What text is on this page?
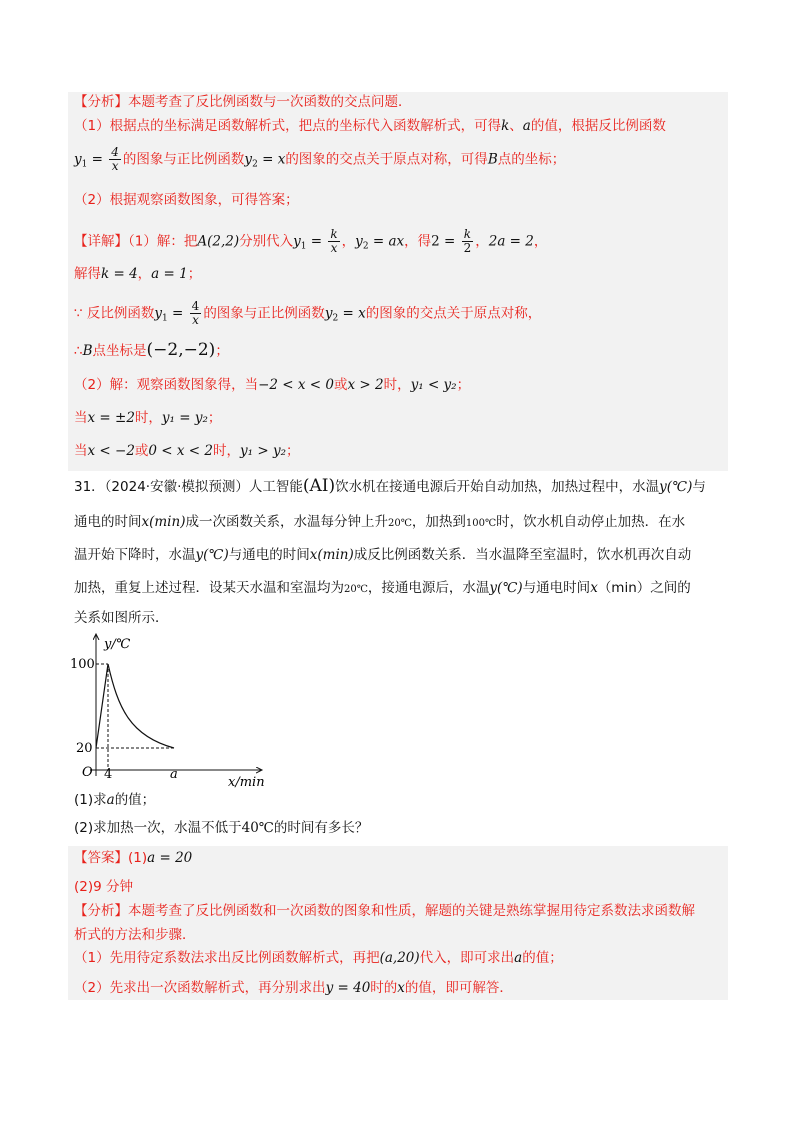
【分析】本题考查了反比例函数与一次函数的交点问题．
（1）根据点的坐标满足函数解析式，把点的坐标代入函数解析式，可得k、a的值，根据反比例函数
$y_1 = \frac{4}{x}$ 的图象与正比例函数$y_2 = x$的图象的交点关于原点对称，可得B点的坐标；
（2）根据观察函数图象，可得答案；
【详解】（1）解：把A(2,2)分别代入$y_1 = \frac{k}{x}$ ，$y_2$ = ax，得$2 = \frac{k}{2}$ ，2a = 2，
解得k = 4，a = 1；
∵ 反比例函数$y_1 = \frac{4}{x}$ 的图象与正比例函数$y_2 = x$的图象的交点关于原点对称，
∴B点坐标是(−2,−2)；
（2）解：观察函数图象得，当−2 < x < 0或x > 2时，y₁ < y₂；
当x = ±2时，y₁ = y₂；
当x < −2或0 < x < 2时，y₁ > y₂；
31．（2024·安徽·模拟预测）人工智能(AI)饮水机在接通电源后开始自动加热，加热过程中，水温y(℃)与
通电的时间x(min)成一次函数关系，水温每分钟上升20℃，加热到100℃时，饮水机自动停止加热．在水
温开始下降时，水温y(℃)与通电的时间x(min)成反比例函数关系．当水温降至室温时，饮水机再次自动
加热，重复上述过程．设某天水温和室温均为20℃，接通电源后，水温y(℃)与通电时间x（min）之间的
关系如图所示．
y/℃
x/min
100
20
O 4	a
(1)求a的值；
(2)求加热一次，水温不低于40℃的时间有多长？
【答案】(1)a = 20
(2)9 分钟
【分析】本题考查了反比例函数和一次函数的图象和性质，解题的关键是熟练掌握用待定系数法求函数解
析式的方法和步骤．
（1）先用待定系数法求出反比例函数解析式，再把(a,20)代入，即可求出a的值；
（2）先求出一次函数解析式，再分别求出y = 40时的x的值，即可解答．
